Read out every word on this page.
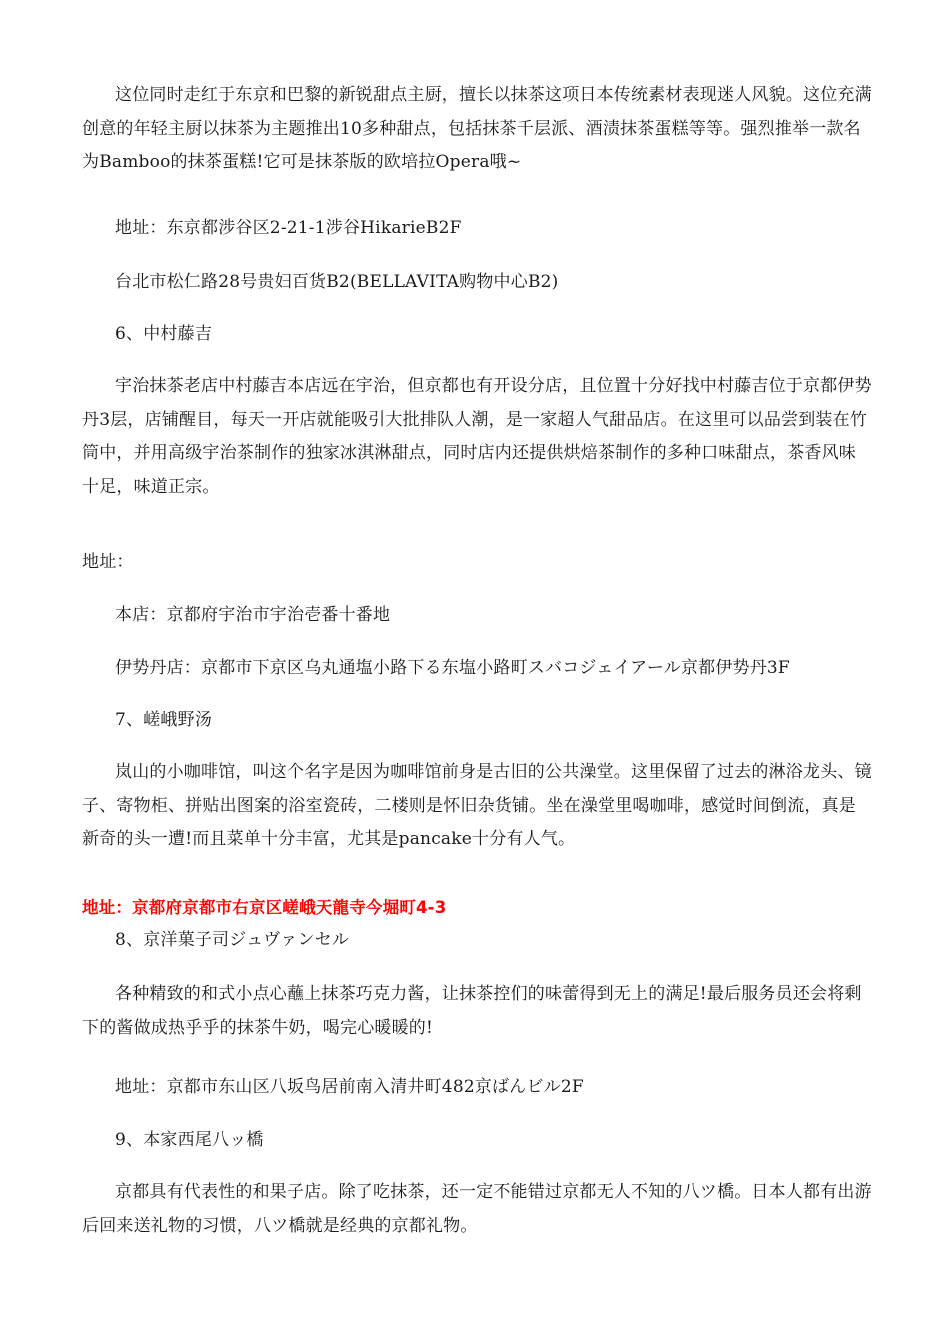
这位同时走红于东京和巴黎的新锐甜点主厨，擅长以抹茶这项日本传统素材表现迷人风貌。这位充满创意的年轻主厨以抹茶为主题推出10多种甜点，包括抹茶千层派、酒渍抹茶蛋糕等等。强烈推举一款名为Bamboo的抹茶蛋糕!它可是抹茶版的欧培拉Opera哦~

地址：东京都涉谷区2-21-1涉谷HikarieB2F

台北市松仁路28号贵妇百货B2(BELLAVITA购物中心B2)

6、中村藤吉

宇治抹茶老店中村藤吉本店远在宇治，但京都也有开设分店，且位置十分好找中村藤吉位于京都伊势丹3层，店铺醒目，每天一开店就能吸引大批排队人潮，是一家超人气甜品店。在这里可以品尝到装在竹筒中，并用高级宇治茶制作的独家冰淇淋甜点，同时店内还提供烘焙茶制作的多种口味甜点，茶香风味十足，味道正宗。

地址：

本店：京都府宇治市宇治壱番十番地

伊势丹店：京都市下京区乌丸通塩小路下る东塩小路町スバコジェイアール京都伊势丹3F

7、嵯峨野汤

岚山的小咖啡馆，叫这个名字是因为咖啡馆前身是古旧的公共澡堂。这里保留了过去的淋浴龙头、镜子、寄物柜、拼贴出图案的浴室瓷砖，二楼则是怀旧杂货铺。坐在澡堂里喝咖啡，感觉时间倒流，真是新奇的头一遭!而且菜单十分丰富，尤其是pancake十分有人气。

地址：京都府京都市右京区嵯峨天龍寺今堀町4-3

8、京洋菓子司ジュヴァンセル

各种精致的和式小点心蘸上抹茶巧克力酱，让抹茶控们的味蕾得到无上的满足!最后服务员还会将剩下的酱做成热乎乎的抹茶牛奶，喝完心暖暖的!

地址：京都市东山区八坂鸟居前南入清井町482京ばんビル2F

9、本家西尾八ッ橋

京都具有代表性的和果子店。除了吃抹茶，还一定不能错过京都无人不知的八ツ橋。日本人都有出游后回来送礼物的习惯，八ツ橋就是经典的京都礼物。
